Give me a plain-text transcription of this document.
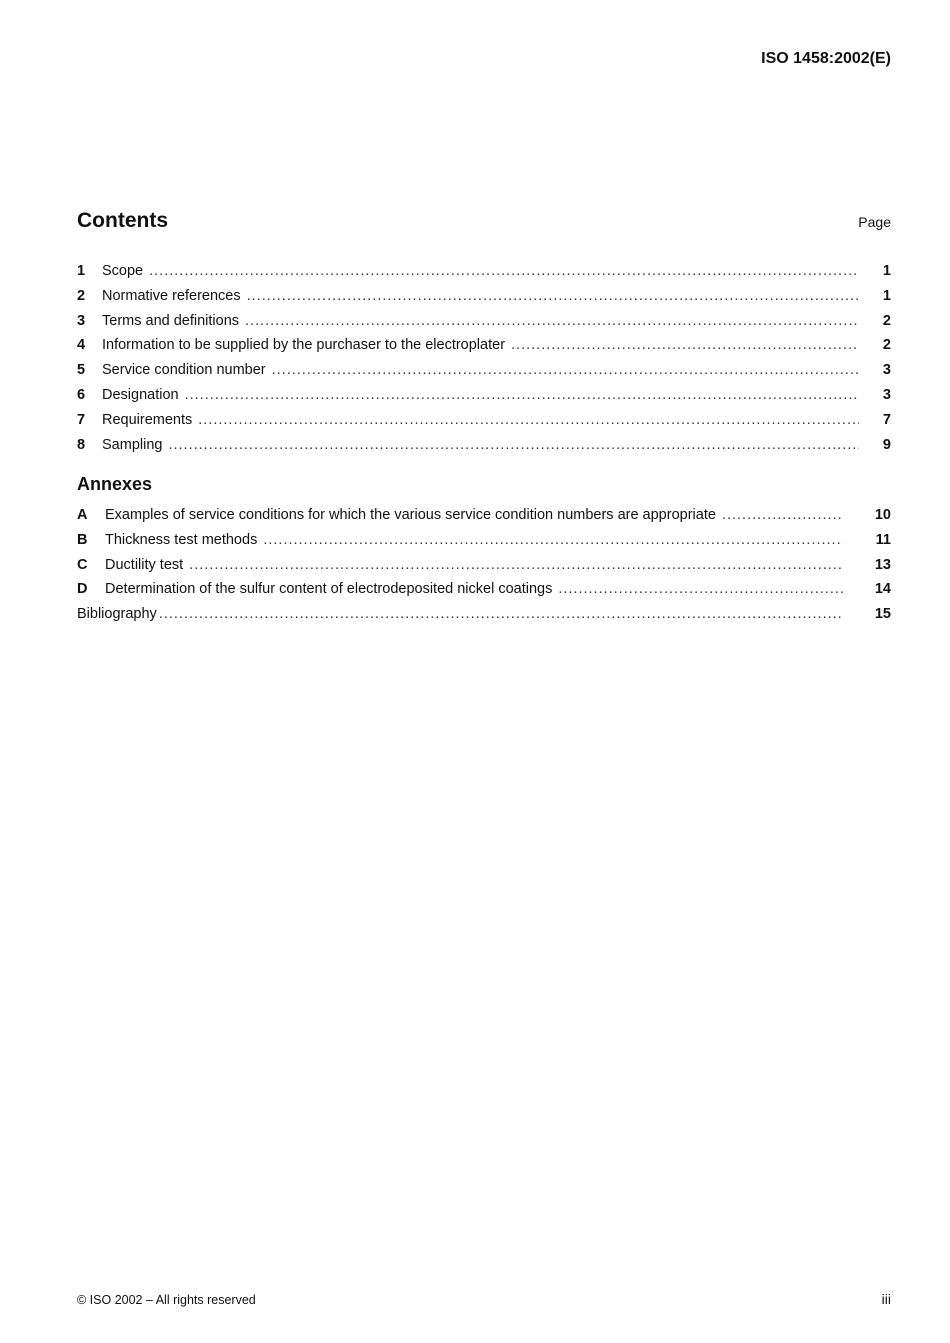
ISO 1458:2002(E)
Contents	Page
1	Scope .....	1
2	Normative references .....	1
3	Terms and definitions .....	2
4	Information to be supplied by the purchaser to the electroplater .....	2
5	Service condition number .....	3
6	Designation .....	3
7	Requirements .....	7
8	Sampling .....	9
Annexes
A	Examples of service conditions for which the various service condition numbers are appropriate .....	10
B	Thickness test methods .....	11
C	Ductility test .....	13
D	Determination of the sulfur content of electrodeposited nickel coatings .....	14
Bibliography .....	15
© ISO 2002 – All rights reserved	iii
